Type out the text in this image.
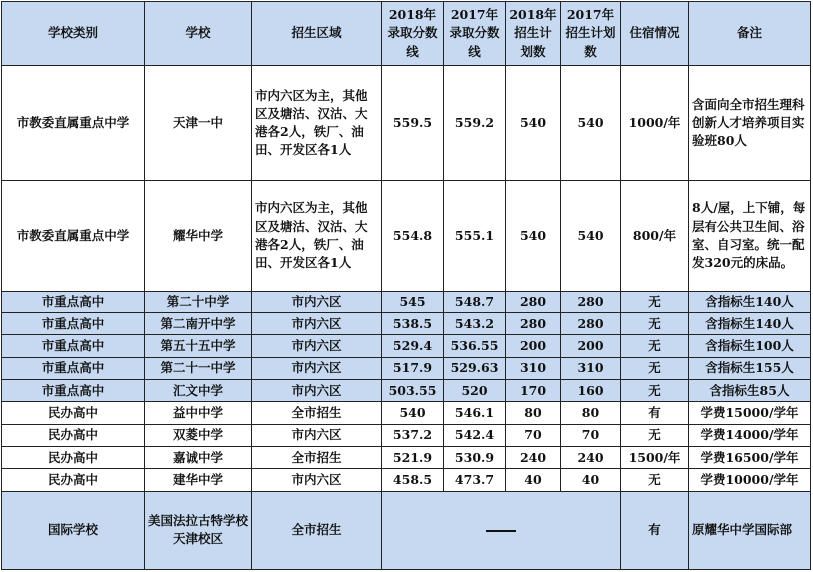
学校类别	学校	招生区域	2018年录取分数线	2017年录取分数线	2018年招生计划数	2017年招生计划数	住宿情况	备注
市教委直属重点中学	天津一中	市内六区为主，其他区及塘沽、汉沽、大港各2人，铁厂、油田、开发区各1人	559.5	559.2	540	540	1000/年	含面向全市招生理科创新人才培养项目实验班80人
市教委直属重点中学	耀华中学	市内六区为主，其他区及塘沽、汉沽、大港各2人，铁厂、油田、开发区各1人	554.8	555.1	540	540	800/年	8人/屋，上下铺，每层有公共卫生间、浴室、自习室。统一配发320元的床品。
市重点高中	第二十中学	市内六区	545	548.7	280	280	无	含指标生140人
市重点高中	第二南开中学	市内六区	538.5	543.2	280	280	无	含指标生140人
市重点高中	第五十五中学	市内六区	529.4	536.55	200	200	无	含指标生100人
市重点高中	第二十一中学	市内六区	517.9	529.63	310	310	无	含指标生155人
市重点高中	汇文中学	市内六区	503.55	520	170	160	无	含指标生85人
民办高中	益中中学	全市招生	540	546.1	80	80	有	学费15000/学年
民办高中	双菱中学	市内六区	537.2	542.4	70	70	无	学费14000/学年
民办高中	嘉诚中学	全市招生	521.9	530.9	240	240	1500/年	学费16500/学年
民办高中	建华中学	市内六区	458.5	473.7	40	40	无	学费10000/学年
国际学校	美国法拉古特学校天津校区	全市招生					有	原耀华中学国际部
